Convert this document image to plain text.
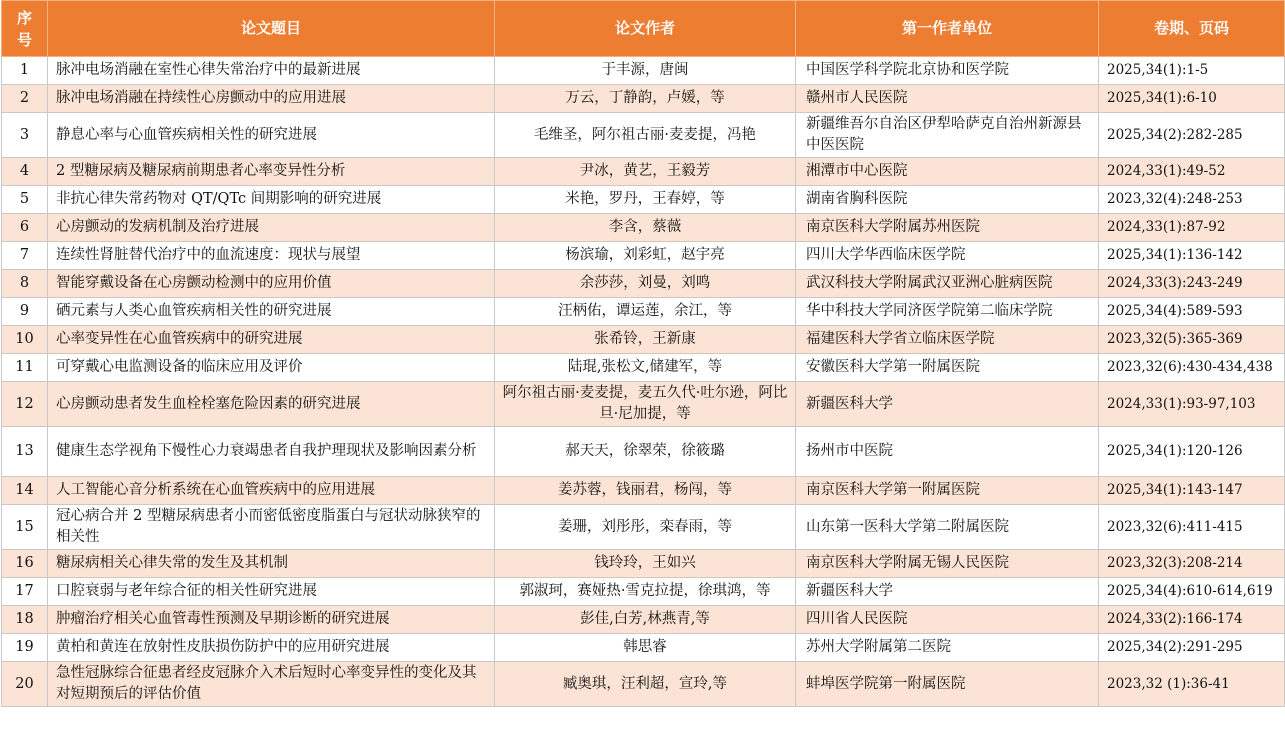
序号	论文题目	论文作者	第一作者单位	卷期、页码
1	脉冲电场消融在室性心律失常治疗中的最新进展	于丰源，唐闽	中国医学科学院北京协和医学院	2025,34(1):1-5
2	脉冲电场消融在持续性心房颤动中的应用进展	万云，丁静韵，卢媛，等	赣州市人民医院	2025,34(1):6-10
3	静息心率与心血管疾病相关性的研究进展	毛维圣，阿尔祖古丽·麦麦提，冯艳	新疆维吾尔自治区伊犁哈萨克自治州新源县中医医院	2025,34(2):282-285
4	2 型糖尿病及糖尿病前期患者心率变异性分析	尹冰，黄艺，王毅芳	湘潭市中心医院	2024,33(1):49-52
5	非抗心律失常药物对 QT/QTc 间期影响的研究进展	米艳，罗丹，王春婷，等	湖南省胸科医院	2023,32(4):248-253
6	心房颤动的发病机制及治疗进展	李含，蔡薇	南京医科大学附属苏州医院	2024,33(1):87-92
7	连续性肾脏替代治疗中的血流速度：现状与展望	杨滨瑜，刘彩虹，赵宇亮	四川大学华西临床医学院	2025,34(1):136-142
8	智能穿戴设备在心房颤动检测中的应用价值	余莎莎，刘曼，刘鸣	武汉科技大学附属武汉亚洲心脏病医院	2024,33(3):243-249
9	硒元素与人类心血管疾病相关性的研究进展	汪柄佑，谭运莲，余江，等	华中科技大学同济医学院第二临床学院	2025,34(4):589-593
10	心率变异性在心血管疾病中的研究进展	张希铃，王新康	福建医科大学省立临床医学院	2023,32(5):365-369
11	可穿戴心电监测设备的临床应用及评价	陆琨,张松文,储建军，等	安徽医科大学第一附属医院	2023,32(6):430-434,438
12	心房颤动患者发生血栓栓塞危险因素的研究进展	阿尔祖古丽·麦麦提，麦五久代·吐尔逊，阿比旦·尼加提，等	新疆医科大学	2024,33(1):93-97,103
13	健康生态学视角下慢性心力衰竭患者自我护理现状及影响因素分析	郝天天，徐翠荣，徐筱璐	扬州市中医院	2025,34(1):120-126
14	人工智能心音分析系统在心血管疾病中的应用进展	姜苏蓉，钱丽君，杨闯，等	南京医科大学第一附属医院	2025,34(1):143-147
15	冠心病合并 2 型糖尿病患者小而密低密度脂蛋白与冠状动脉狭窄的相关性	姜珊，刘彤彤，栾春雨，等	山东第一医科大学第二附属医院	2023,32(6):411-415
16	糖尿病相关心律失常的发生及其机制	钱玲玲，王如兴	南京医科大学附属无锡人民医院	2023,32(3):208-214
17	口腔衰弱与老年综合征的相关性研究进展	郭淑珂，赛娅热·雪克拉提，徐琪鸿，等	新疆医科大学	2025,34(4):610-614,619
18	肿瘤治疗相关心血管毒性预测及早期诊断的研究进展	彭佳,白芳,林燕青,等	四川省人民医院	2024,33(2):166-174
19	黄柏和黄连在放射性皮肤损伤防护中的应用研究进展	韩思睿	苏州大学附属第二医院	2025,34(2):291-295
20	急性冠脉综合征患者经皮冠脉介入术后短时心率变异性的变化及其对短期预后的评估价值	臧奥琪，汪利超，宣玲,等	蚌埠医学院第一附属医院	2023,32 (1):36-41
